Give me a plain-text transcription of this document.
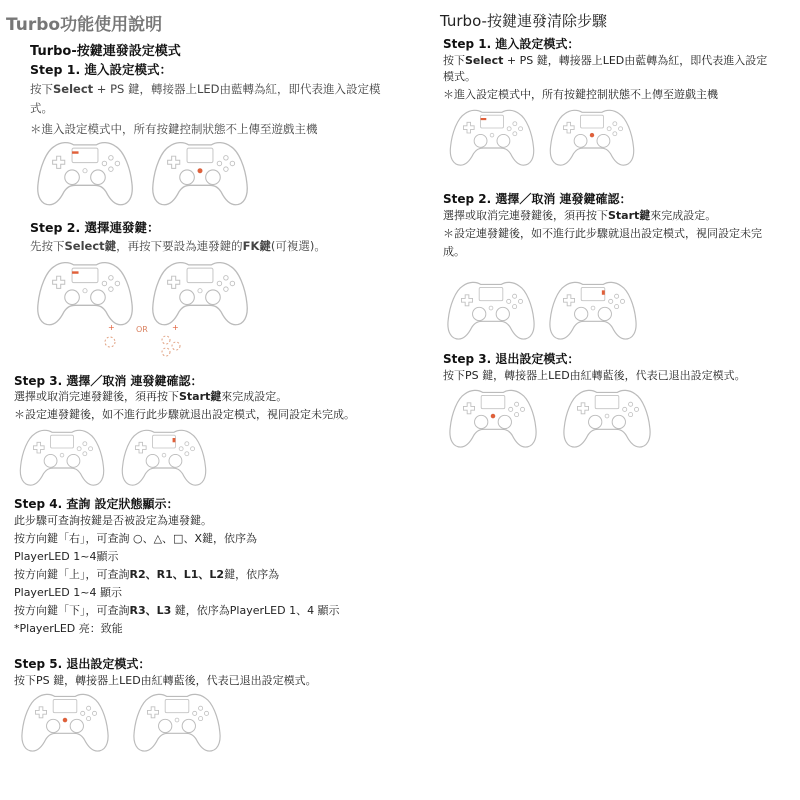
Turbo功能使用說明	Turbo-按鍵連發清除步驟
Turbo-按鍵連發設定模式
Step 1. 進入設定模式：
按下Select + PS 鍵，轉接器上LED由藍轉為紅，即代表進入設定模
式。
＊進入設定模式中，所有按鍵控制狀態不上傳至遊戲主機
Step 2. 選擇連發鍵：
先按下Select鍵，再按下要設為連發鍵的FK鍵(可複選)。
+	+
OR
Step 3. 選擇／取消 連發鍵確認：
選擇或取消完連發鍵後，須再按下Start鍵來完成設定。
＊設定連發鍵後，如不進行此步驟就退出設定模式，視同設定未完成。
Step 4. 查詢 設定狀態顯示：
此步驟可查詢按鍵是否被設定為連發鍵。
按方向鍵「右」，可查詢 ○、△、□、X鍵，依序為
PlayerLED 1~4顯示
按方向鍵「上」，可查詢R2、R1、L1、L2鍵，依序為
PlayerLED 1~4 顯示
按方向鍵「下」，可查詢R3、L3 鍵，依序為PlayerLED 1、4 顯示
*PlayerLED 亮：致能
Step 5. 退出設定模式：
按下PS 鍵，轉接器上LED由紅轉藍後，代表已退出設定模式。
Step 1. 進入設定模式：
按下Select + PS 鍵，轉接器上LED由藍轉為紅，即代表進入設定
模式。
＊進入設定模式中，所有按鍵控制狀態不上傳至遊戲主機
Step 2. 選擇／取消 連發鍵確認：
選擇或取消完連發鍵後，須再按下Start鍵來完成設定。
＊設定連發鍵後，如不進行此步驟就退出設定模式，視同設定未完
成。
Step 3. 退出設定模式：
按下PS 鍵，轉接器上LED由紅轉藍後，代表已退出設定模式。
